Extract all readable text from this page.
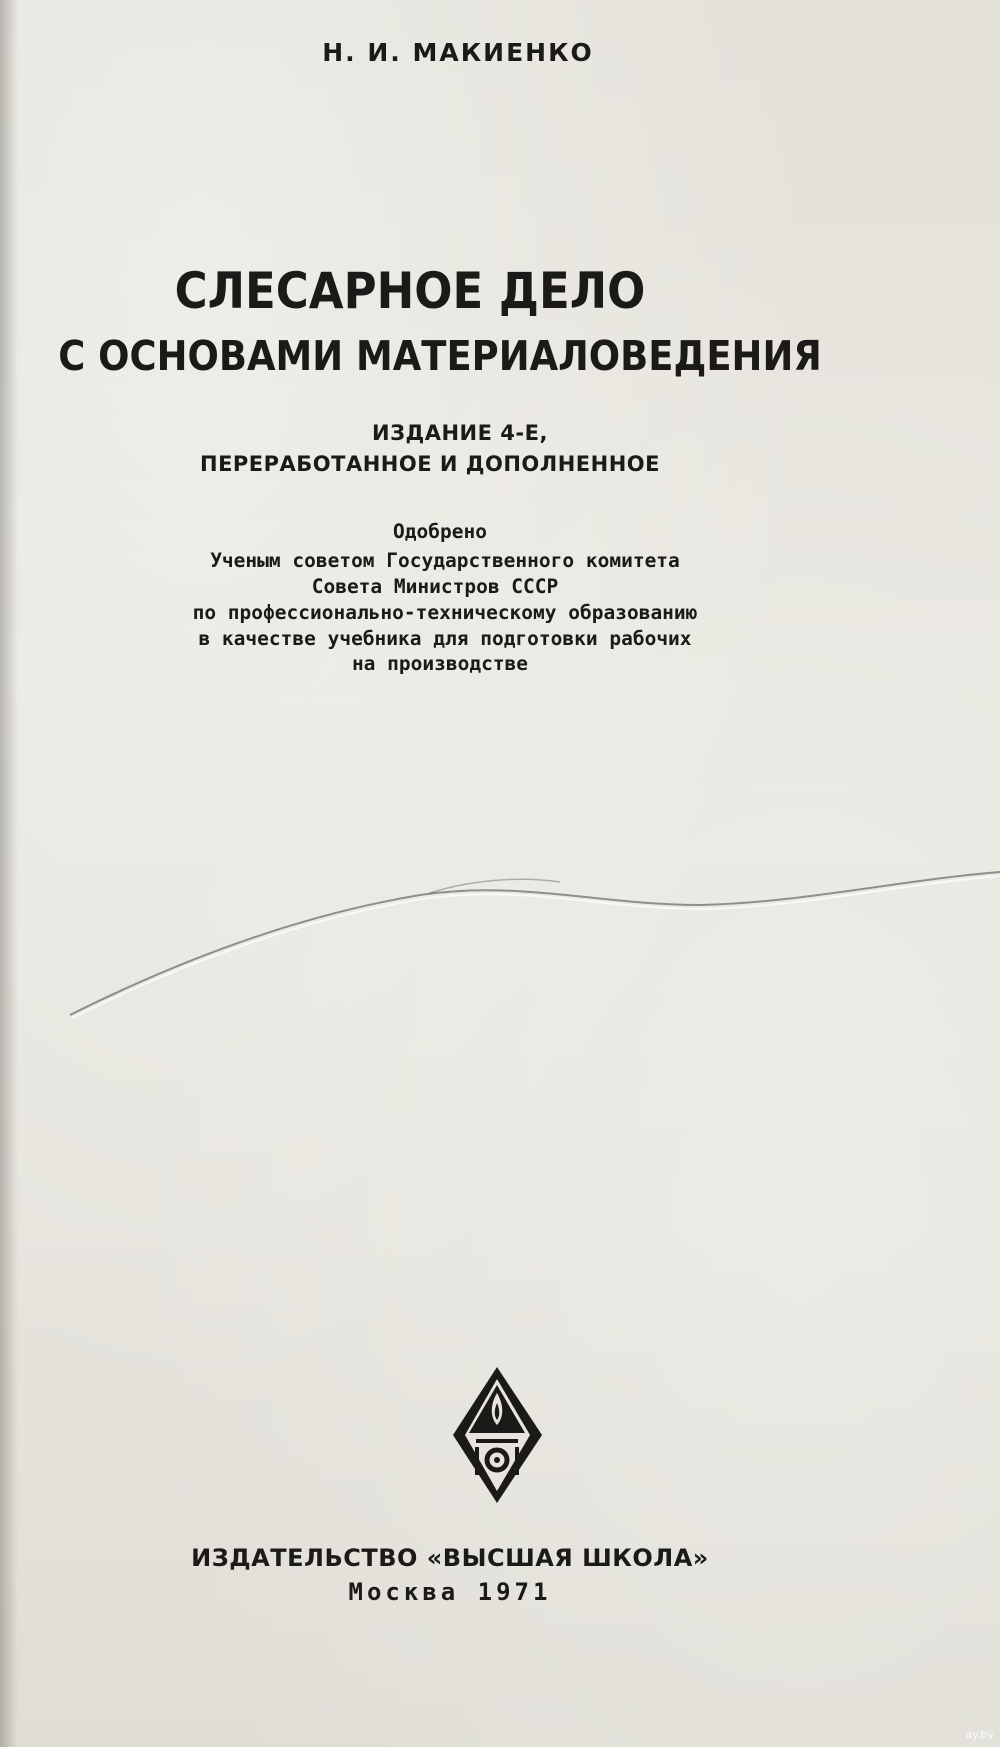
Н. И. МАКИЕНКО
СЛЕСАРНОЕ ДЕЛО
С ОСНОВАМИ МАТЕРИАЛОВЕДЕНИЯ
ИЗДАНИЕ 4-Е,
ПЕРЕРАБОТАННОЕ И ДОПОЛНЕННОЕ
Одобрено
Ученым советом Государственного комитета
Совета Министров СССР
по профессионально-техническому образованию
в качестве учебника для подготовки рабочих
на производстве
ИЗДАТЕЛЬСТВО «ВЫСШАЯ ШКОЛА»
Москва 1971
ay.by
